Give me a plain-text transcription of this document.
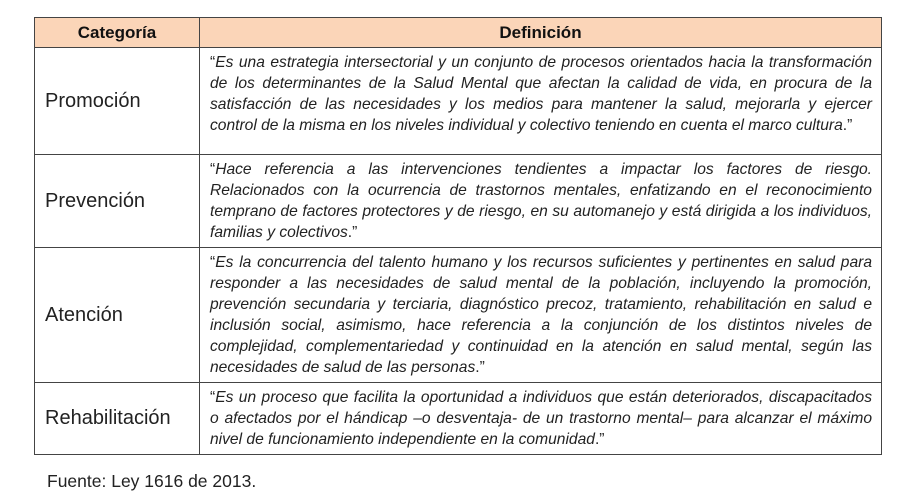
Categoría	Definición
Promoción	“Es una estrategia intersectorial y un conjunto de procesos orientados hacia la transformación de los determinantes de la Salud Mental que afectan la calidad de vida, en procura de la satisfacción de las necesidades y los medios para mantener la salud, mejorarla y ejercer control de la misma en los niveles individual y colectivo teniendo en cuenta el marco cultura.”
Prevención	“Hace referencia a las intervenciones tendientes a impactar los factores de riesgo. Relacionados con la ocurrencia de trastornos mentales, enfatizando en el reconocimiento temprano de factores protectores y de riesgo, en su automanejo y está dirigida a los individuos, familias y colectivos.”
Atención	“Es la concurrencia del talento humano y los recursos suficientes y pertinentes en salud para responder a las necesidades de salud mental de la población, incluyendo la promoción, prevención secundaria y terciaria, diagnóstico precoz, tratamiento, rehabilitación en salud e inclusión social, asimismo, hace referencia a la conjunción de los distintos niveles de complejidad, complementariedad y continuidad en la atención en salud mental, según las necesidades de salud de las personas.”
Rehabilitación	“Es un proceso que facilita la oportunidad a individuos que están deteriorados, discapacitados o afectados por el hándicap –o desventaja- de un trastorno mental– para alcanzar el máximo nivel de funcionamiento independiente en la comunidad.”

Fuente: Ley 1616 de 2013.
